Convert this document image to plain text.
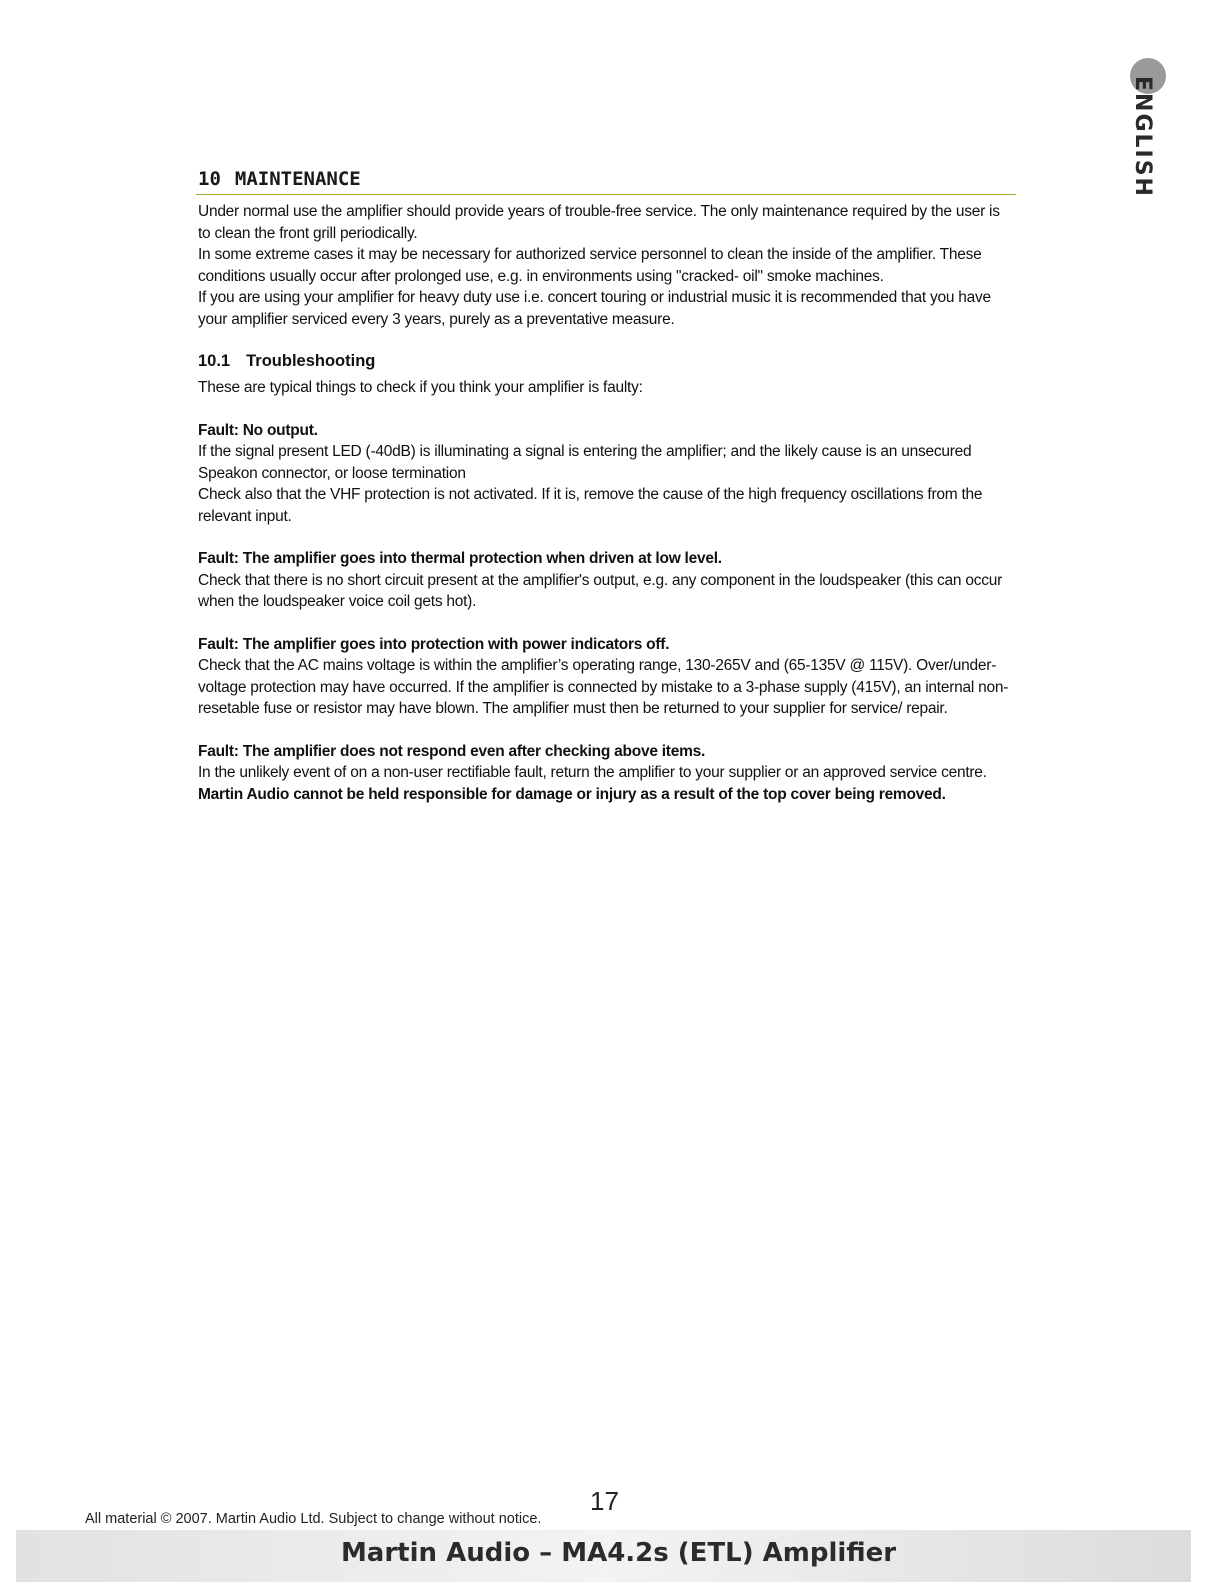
ENGLISH
10 MAINTENANCE

Under normal use the amplifier should provide years of trouble-free service. The only maintenance required by the user is to clean the front grill periodically.

In some extreme cases it may be necessary for authorized service personnel to clean the inside of the amplifier. These conditions usually occur after prolonged use, e.g. in environments using "cracked- oil" smoke machines.

If you are using your amplifier for heavy duty use i.e. concert touring or industrial music it is recommended that you have your amplifier serviced every 3 years, purely as a preventative measure.

10.1 Troubleshooting

These are typical things to check if you think your amplifier is faulty:

Fault: No output.

If the signal present LED (-40dB) is illuminating a signal is entering the amplifier; and the likely cause is an unsecured Speakon connector, or loose termination

Check also that the VHF protection is not activated. If it is, remove the cause of the high frequency oscillations from the relevant input.

Fault: The amplifier goes into thermal protection when driven at low level.

Check that there is no short circuit present at the amplifier's output, e.g. any component in the loudspeaker (this can occur when the loudspeaker voice coil gets hot).

Fault: The amplifier goes into protection with power indicators off.

Check that the AC mains voltage is within the amplifier’s operating range, 130-265V and (65-135V @ 115V). Over/under-voltage protection may have occurred. If the amplifier is connected by mistake to a 3-phase supply (415V), an internal non-resetable fuse or resistor may have blown. The amplifier must then be returned to your supplier for service/ repair.

Fault: The amplifier does not respond even after checking above items.

In the unlikely event of on a non-user rectifiable fault, return the amplifier to your supplier or an approved service centre.

Martin Audio cannot be held responsible for damage or injury as a result of the top cover being removed.

17
All material © 2007. Martin Audio Ltd. Subject to change without notice.
Martin Audio – MA4.2s (ETL) Amplifier
